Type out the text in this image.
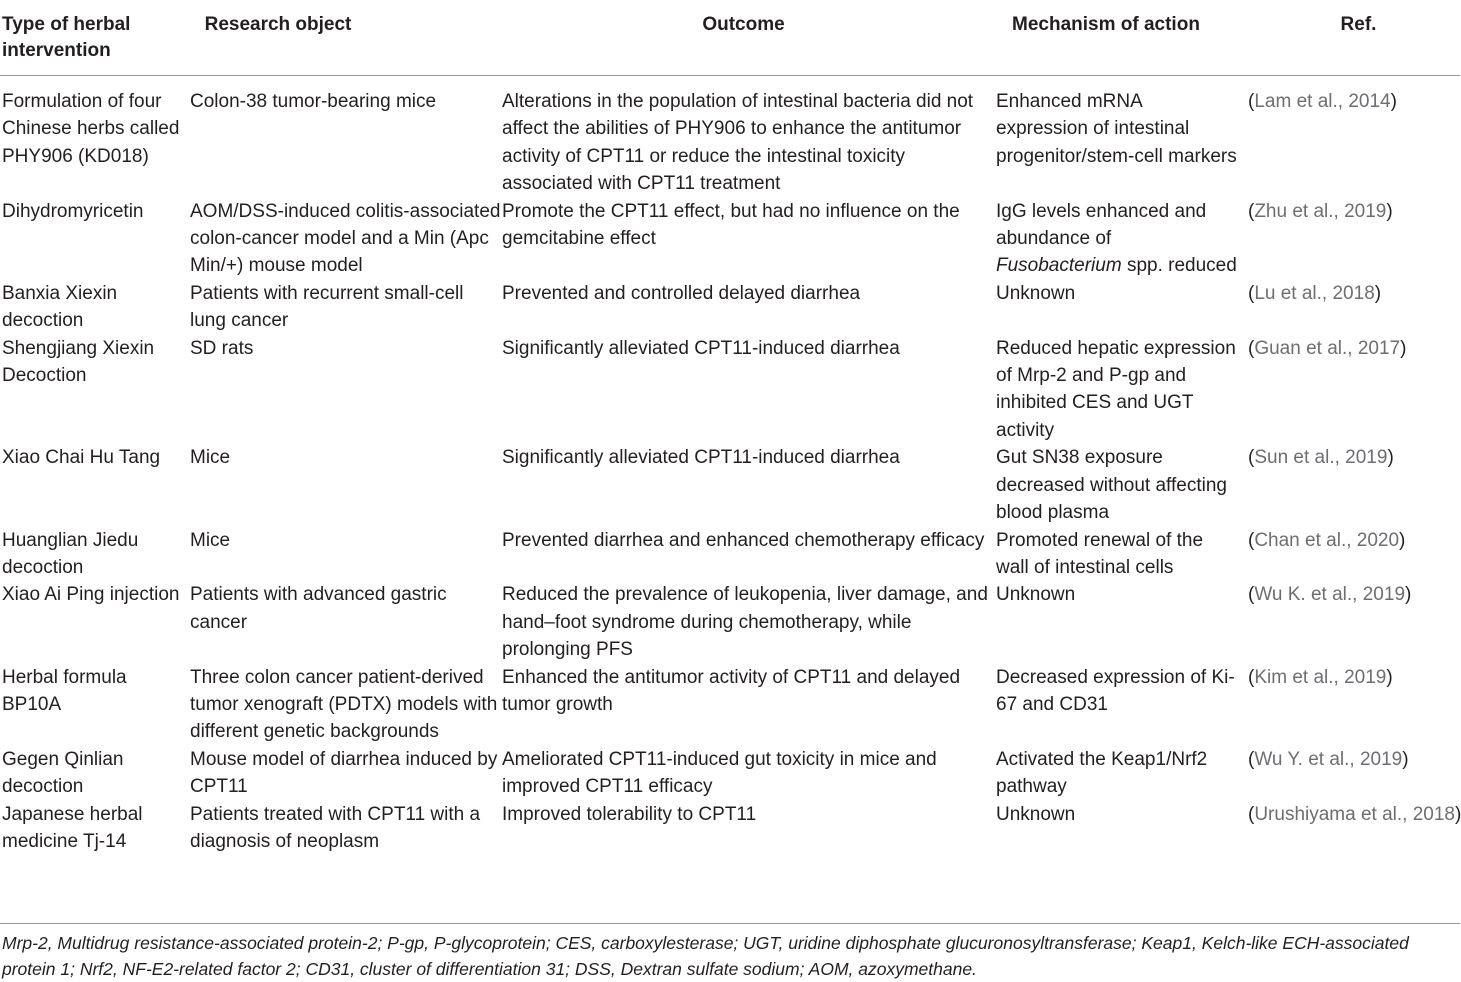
Type of herbal intervention	Research object	Outcome	Mechanism of action	Ref.
Formulation of four Chinese herbs called PHY906 (KD018)	Colon-38 tumor-bearing mice	Alterations in the population of intestinal bacteria did not affect the abilities of PHY906 to enhance the antitumor activity of CPT11 or reduce the intestinal toxicity associated with CPT11 treatment	Enhanced mRNA expression of intestinal progenitor/stem-cell markers	(Lam et al., 2014)
Dihydromyricetin	AOM/DSS-induced colitis-associated colon-cancer model and a Min (Apc Min/+) mouse model	Promote the CPT11 effect, but had no influence on the gemcitabine effect	IgG levels enhanced and abundance of Fusobacterium spp. reduced	(Zhu et al., 2019)
Banxia Xiexin decoction	Patients with recurrent small-cell lung cancer	Prevented and controlled delayed diarrhea	Unknown	(Lu et al., 2018)
Shengjiang Xiexin Decoction	SD rats	Significantly alleviated CPT11-induced diarrhea	Reduced hepatic expression of Mrp-2 and P-gp and inhibited CES and UGT activity	(Guan et al., 2017)
Xiao Chai Hu Tang	Mice	Significantly alleviated CPT11-induced diarrhea	Gut SN38 exposure decreased without affecting blood plasma	(Sun et al., 2019)
Huanglian Jiedu decoction	Mice	Prevented diarrhea and enhanced chemotherapy efficacy	Promoted renewal of the wall of intestinal cells	(Chan et al., 2020)
Xiao Ai Ping injection	Patients with advanced gastric cancer	Reduced the prevalence of leukopenia, liver damage, and hand–foot syndrome during chemotherapy, while prolonging PFS	Unknown	(Wu K. et al., 2019)
Herbal formula BP10A	Three colon cancer patient-derived tumor xenograft (PDTX) models with different genetic backgrounds	Enhanced the antitumor activity of CPT11 and delayed tumor growth	Decreased expression of Ki-67 and CD31	(Kim et al., 2019)
Gegen Qinlian decoction	Mouse model of diarrhea induced by CPT11	Ameliorated CPT11-induced gut toxicity in mice and improved CPT11 efficacy	Activated the Keap1/Nrf2 pathway	(Wu Y. et al., 2019)
Japanese herbal medicine Tj-14	Patients treated with CPT11 with a diagnosis of neoplasm	Improved tolerability to CPT11	Unknown	(Urushiyama et al., 2018)
Mrp-2, Multidrug resistance-associated protein-2; P-gp, P-glycoprotein; CES, carboxylesterase; UGT, uridine diphosphate glucuronosyltransferase; Keap1, Kelch-like ECH-associated protein 1; Nrf2, NF-E2-related factor 2; CD31, cluster of differentiation 31; DSS, Dextran sulfate sodium; AOM, azoxymethane.
